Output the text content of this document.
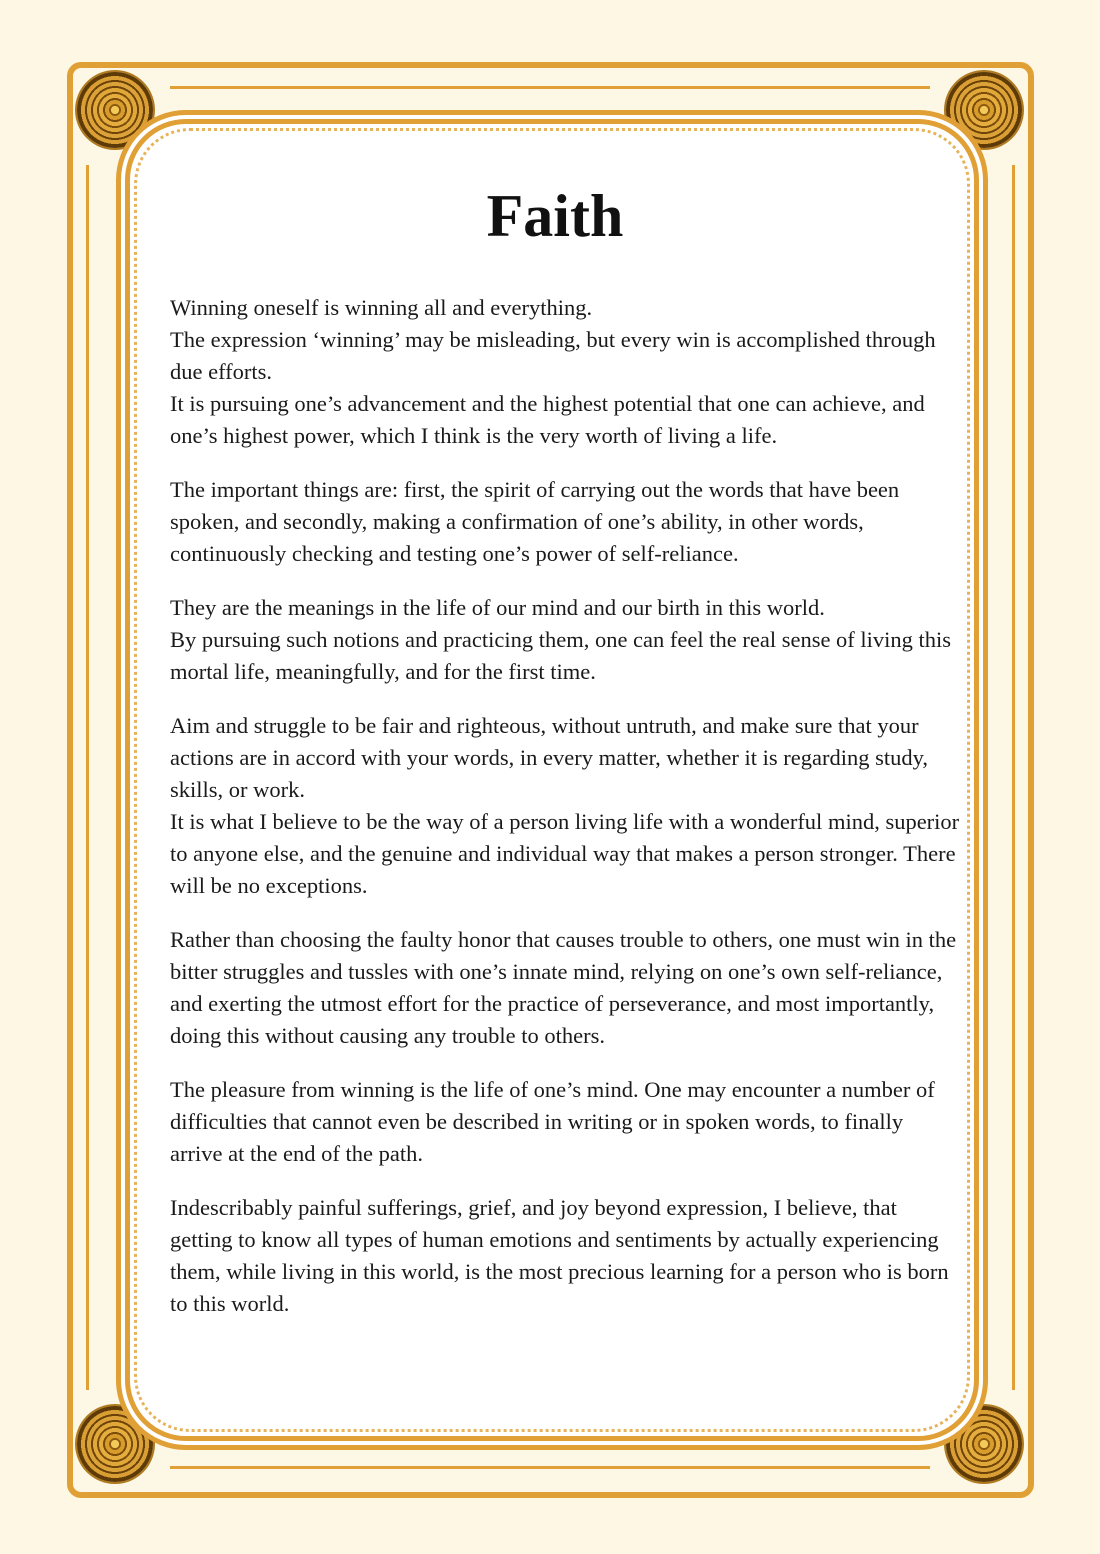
Faith

Winning oneself is winning all and everything.
The expression ‘winning’ may be misleading, but every win is accomplished through due efforts.
It is pursuing one’s advancement and the highest potential that one can achieve, and one’s highest power, which I think is the very worth of living a life.

The important things are: first, the spirit of carrying out the words that have been spoken, and secondly, making a confirmation of one’s ability, in other words, continuously checking and testing one’s power of self-reliance.

They are the meanings in the life of our mind and our birth in this world.
By pursuing such notions and practicing them, one can feel the real sense of living this mortal life, meaningfully, and for the first time.

Aim and struggle to be fair and righteous, without untruth, and make sure that your actions are in accord with your words, in every matter, whether it is regarding study, skills, or work.
It is what I believe to be the way of a person living life with a wonderful mind, superior to anyone else, and the genuine and individual way that makes a person stronger. There will be no exceptions.

Rather than choosing the faulty honor that causes trouble to others, one must win in the bitter struggles and tussles with one’s innate mind, relying on one’s own self-reliance, and exerting the utmost effort for the practice of perseverance, and most importantly, doing this without causing any trouble to others.

The pleasure from winning is the life of one’s mind. One may encounter a number of difficulties that cannot even be described in writing or in spoken words, to finally arrive at the end of the path.

Indescribably painful sufferings, grief, and joy beyond expression, I believe, that getting to know all types of human emotions and sentiments by actually experiencing them, while living in this world, is the most precious learning for a person who is born to this world.
